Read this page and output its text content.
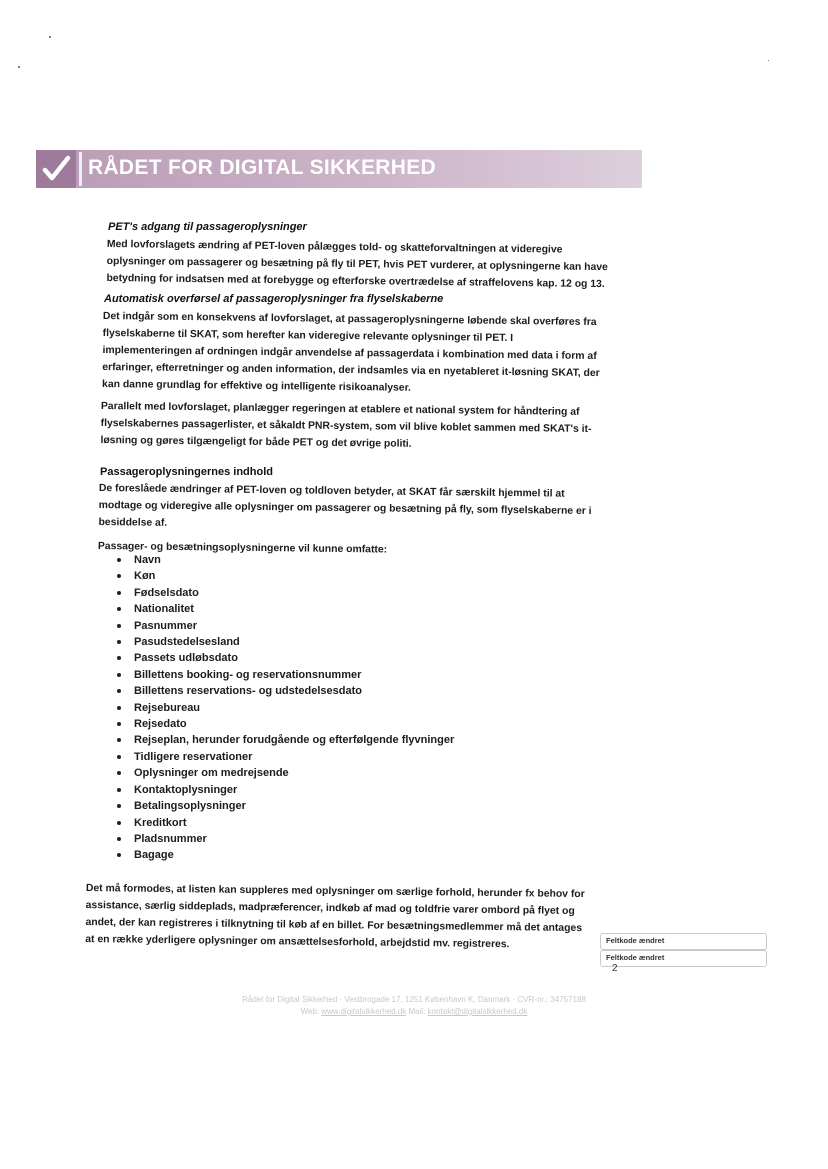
RÅDET FOR DIGITAL SIKKERHED
PET's adgang til passageroplysninger
Med lovforslagets ændring af PET-loven pålægges told- og skatteforvaltningen at videregive
oplysninger om passagerer og besætning på fly til PET, hvis PET vurderer, at oplysningerne kan have
betydning for indsatsen med at forebygge og efterforske overtrædelse af straffelovens kap. 12 og 13.
Automatisk overførsel af passageroplysninger fra flyselskaberne
Det indgår som en konsekvens af lovforslaget, at passageroplysningerne løbende skal overføres fra
flyselskaberne til SKAT, som herefter kan videregive relevante oplysninger til PET. I
implementeringen af ordningen indgår anvendelse af passagerdata i kombination med data i form af
erfaringer, efterretninger og anden information, der indsamles via en nyetableret it-løsning SKAT, der
kan danne grundlag for effektive og intelligente risikoanalyser.
Parallelt med lovforslaget, planlægger regeringen at etablere et national system for håndtering af
flyselskabernes passagerlister, et såkaldt PNR-system, som vil blive koblet sammen med SKAT's it-
løsning og gøres tilgængeligt for både PET og det øvrige politi.
Passageroplysningernes indhold
De foreslåede ændringer af PET-loven og toldloven betyder, at SKAT får særskilt hjemmel til at
modtage og videregive alle oplysninger om passagerer og besætning på fly, som flyselskaberne er i
besiddelse af.
Passager- og besætningsoplysningerne vil kunne omfatte:
Navn
Køn
Fødselsdato
Nationalitet
Pasnummer
Pasudstedelsesland
Passets udløbsdato
Billettens booking- og reservationsnummer
Billettens reservations- og udstedelsesdato
Rejsebureau
Rejsedato
Rejseplan, herunder forudgående og efterfølgende flyvninger
Tidligere reservationer
Oplysninger om medrejsende
Kontaktoplysninger
Betalingsoplysninger
Kreditkort
Pladsnummer
Bagage
Det må formodes, at listen kan suppleres med oplysninger om særlige forhold, herunder fx behov for
assistance, særlig siddeplads, madpræferencer, indkøb af mad og toldfrie varer ombord på flyet og
andet, der kan registreres i tilknytning til køb af en billet. For besætningsmedlemmer må det antages
at en række yderligere oplysninger om ansættelsesforhold, arbejdstid mv. registreres.	Feltkode ændret
Feltkode ændret
2
Rådet for Digital Sikkerhed · Vestbrogade 17, 1251 København K, Danmark · CVR-nr.: 34757188
Web: www.digitalsikkerhed.dk Mail: kontakt@digitalsikkerhed.dk
